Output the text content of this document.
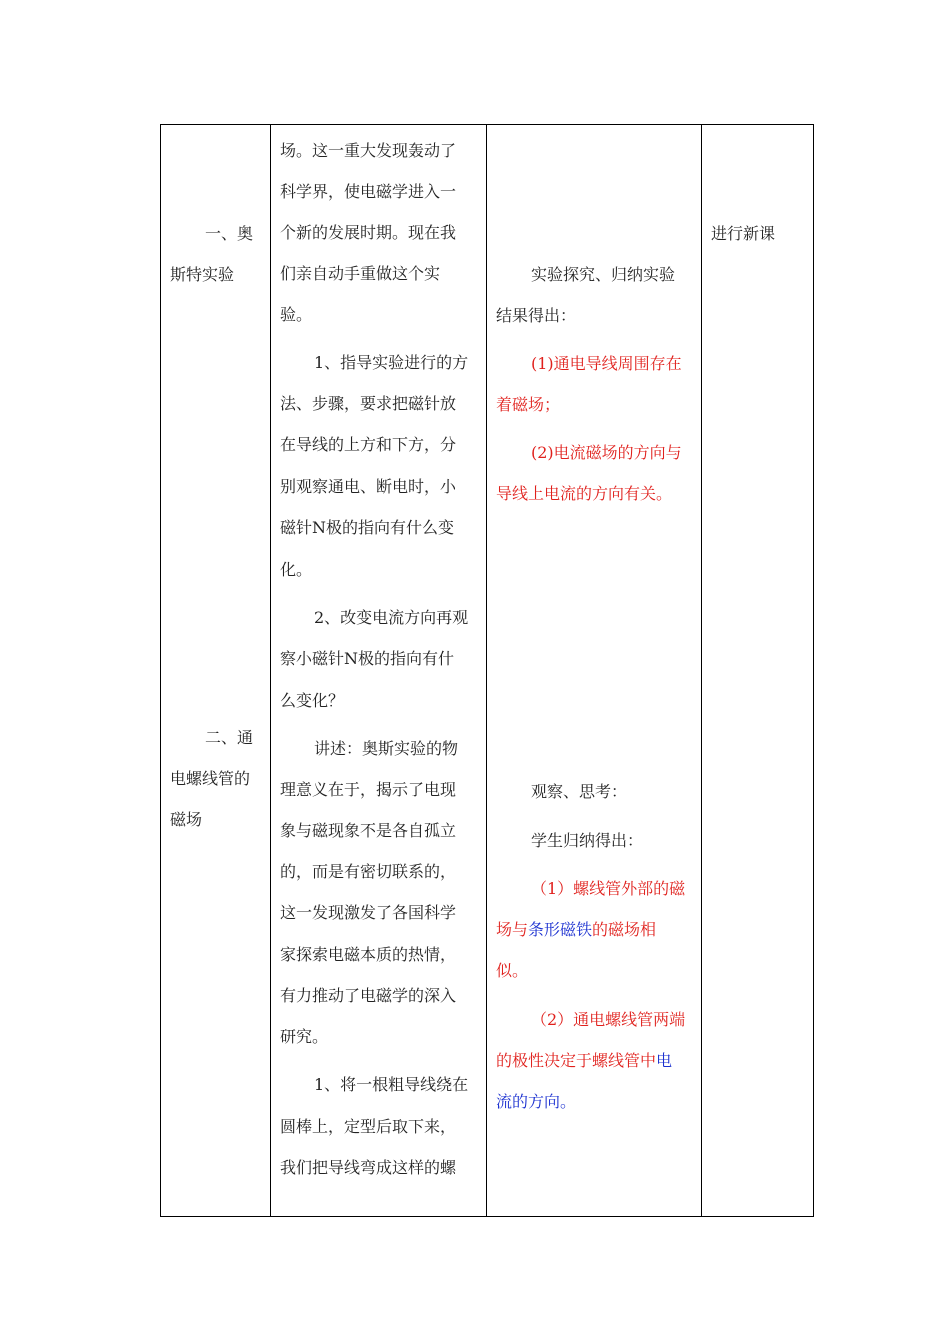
一、奥
斯特实验
二、通
电螺线管的
磁场
场。这一重大发现轰动了
科学界，使电磁学进入一
个新的发展时期。现在我
们亲自动手重做这个实
验。
1、指导实验进行的方
法、步骤，要求把磁针放
在导线的上方和下方，分
别观察通电、断电时，小
磁针N极的指向有什么变
化。
2、改变电流方向再观
察小磁针N极的指向有什
么变化？
讲述：奥斯实验的物
理意义在于，揭示了电现
象与磁现象不是各自孤立
的，而是有密切联系的，
这一发现激发了各国科学
家探索电磁本质的热情，
有力推动了电磁学的深入
研究。
1、将一根粗导线绕在
圆棒上，定型后取下来，
我们把导线弯成这样的螺
实验探究、归纳实验
结果得出：
(1)通电导线周围存在
着磁场；
(2)电流磁场的方向与
导线上电流的方向有关。
观察、思考：
学生归纳得出：
（1）螺线管外部的磁
场与条形磁铁的磁场相
似。
（2）通电螺线管两端
的极性决定于螺线管中电
流的方向。
进行新课
